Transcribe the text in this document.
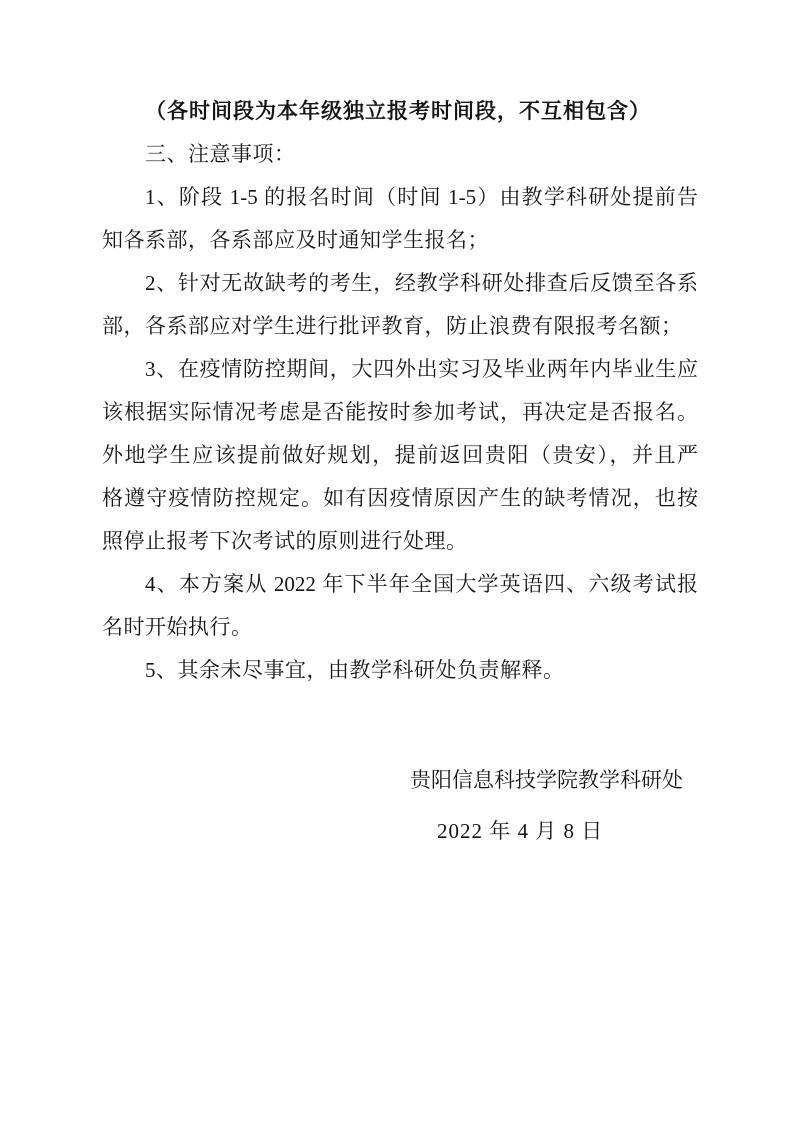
（各时间段为本年级独立报考时间段，不互相包含）
三、注意事项：
1、阶段 1-5 的报名时间（时间 1-5）由教学科研处提前告
知各系部，各系部应及时通知学生报名；
2、针对无故缺考的考生，经教学科研处排查后反馈至各系
部，各系部应对学生进行批评教育，防止浪费有限报考名额；
3、在疫情防控期间，大四外出实习及毕业两年内毕业生应
该根据实际情况考虑是否能按时参加考试，再决定是否报名。
外地学生应该提前做好规划，提前返回贵阳（贵安），并且严
格遵守疫情防控规定。如有因疫情原因产生的缺考情况，也按
照停止报考下次考试的原则进行处理。
4、本方案从 2022 年下半年全国大学英语四、六级考试报
名时开始执行。
5、其余未尽事宜，由教学科研处负责解释。
贵阳信息科技学院教学科研处
2022 年 4 月 8 日
